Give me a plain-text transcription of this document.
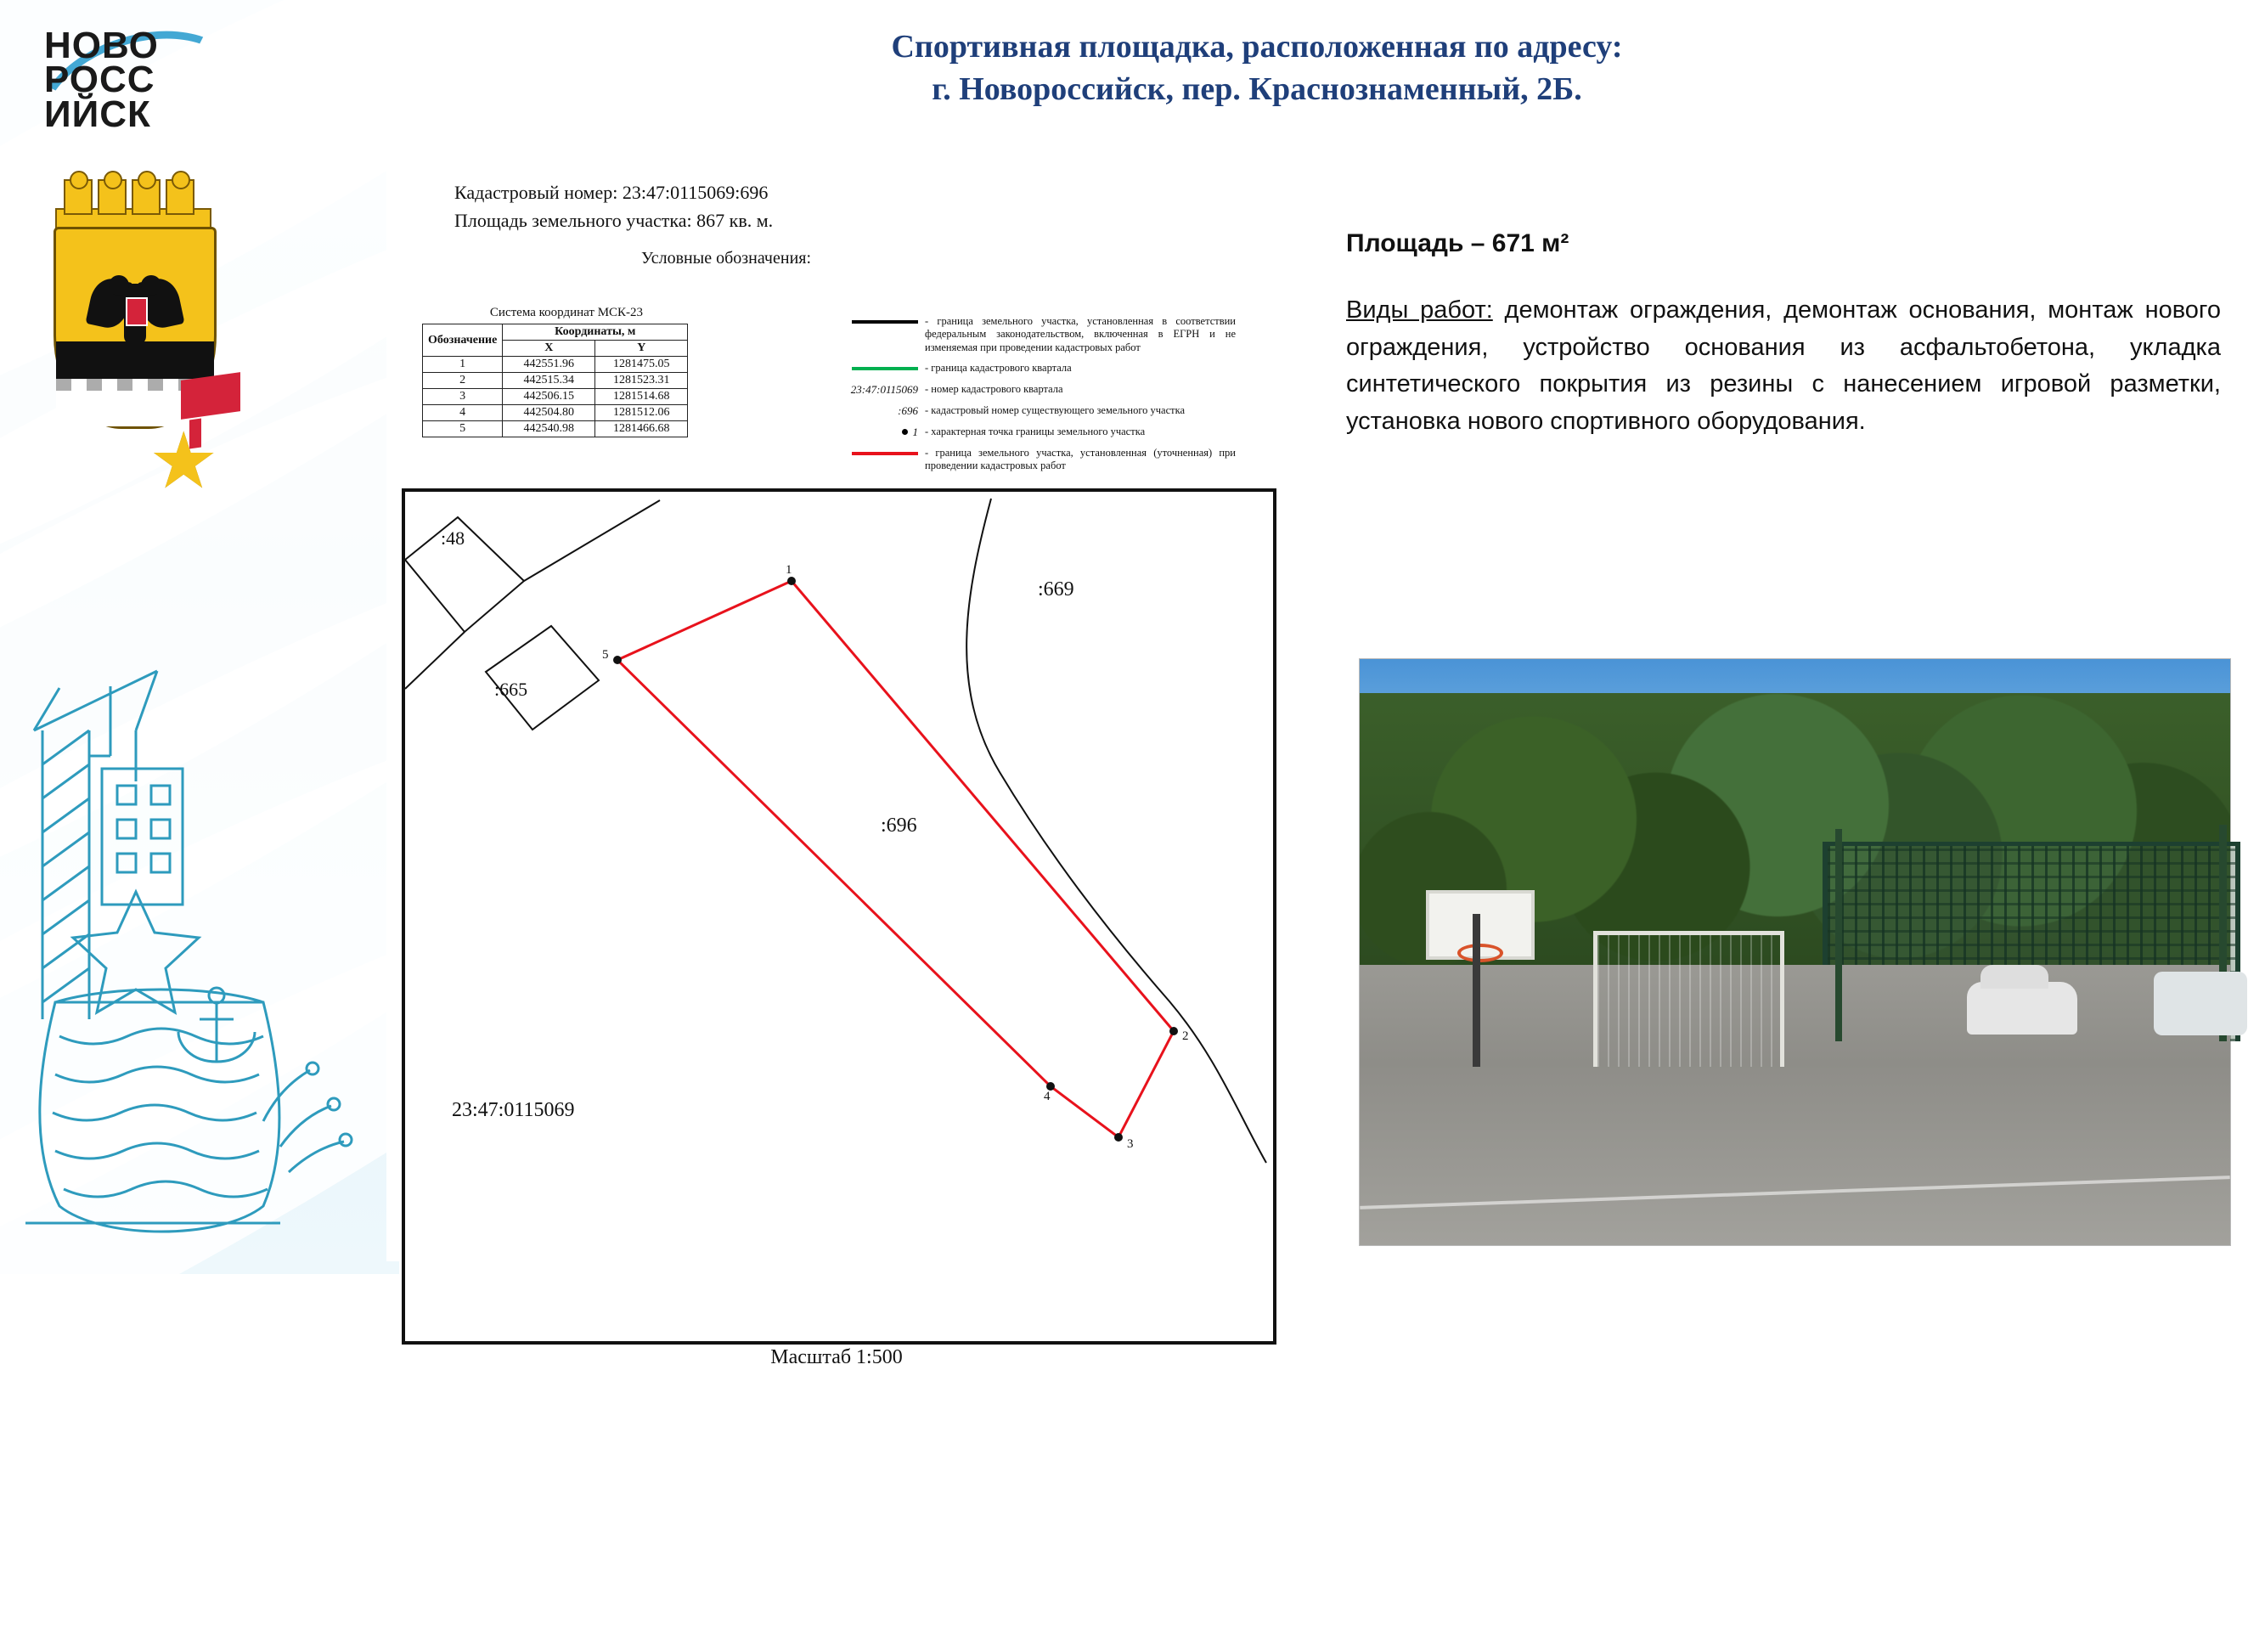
НОВО
РОСС
ИЙСК
Спортивная площадка, расположенная по адресу:
г. Новороссийск, пер. Краснознаменный, 2Б.
Кадастровый номер: 23:47:0115069:696
Площадь земельного участка: 867 кв. м.
Условные обозначения:
Система координат МСК-23
Обозначение	Координаты, м	
	X	Y
1	442551.96	1281475.05
2	442515.34	1281523.31
3	442506.15	1281514.68
4	442504.80	1281512.06
5	442540.98	1281466.68
- граница земельного участка, установленная в соответствии федеральным законодательством, включенная в ЕГРН и не изменяемая при проведении кадастровых работ
- граница кадастрового квартала
23:47:0115069 - номер кадастрового квартала
:696 - кадастровый номер существующего земельного участка
1 - характерная точка границы земельного участка
- граница земельного участка, установленная (уточненная) при проведении кадастровых работ
:48
:665
1
2
3
4
5
:669
:696
23:47:0115069
Масштаб 1:500
Площадь – 671 м²
Виды работ: демонтаж ограждения, демонтаж основания, монтаж нового ограждения, устройство основания из асфальтобетона, укладка синтетического покрытия из резины с нанесением игровой разметки, установка нового спортивного оборудования.
